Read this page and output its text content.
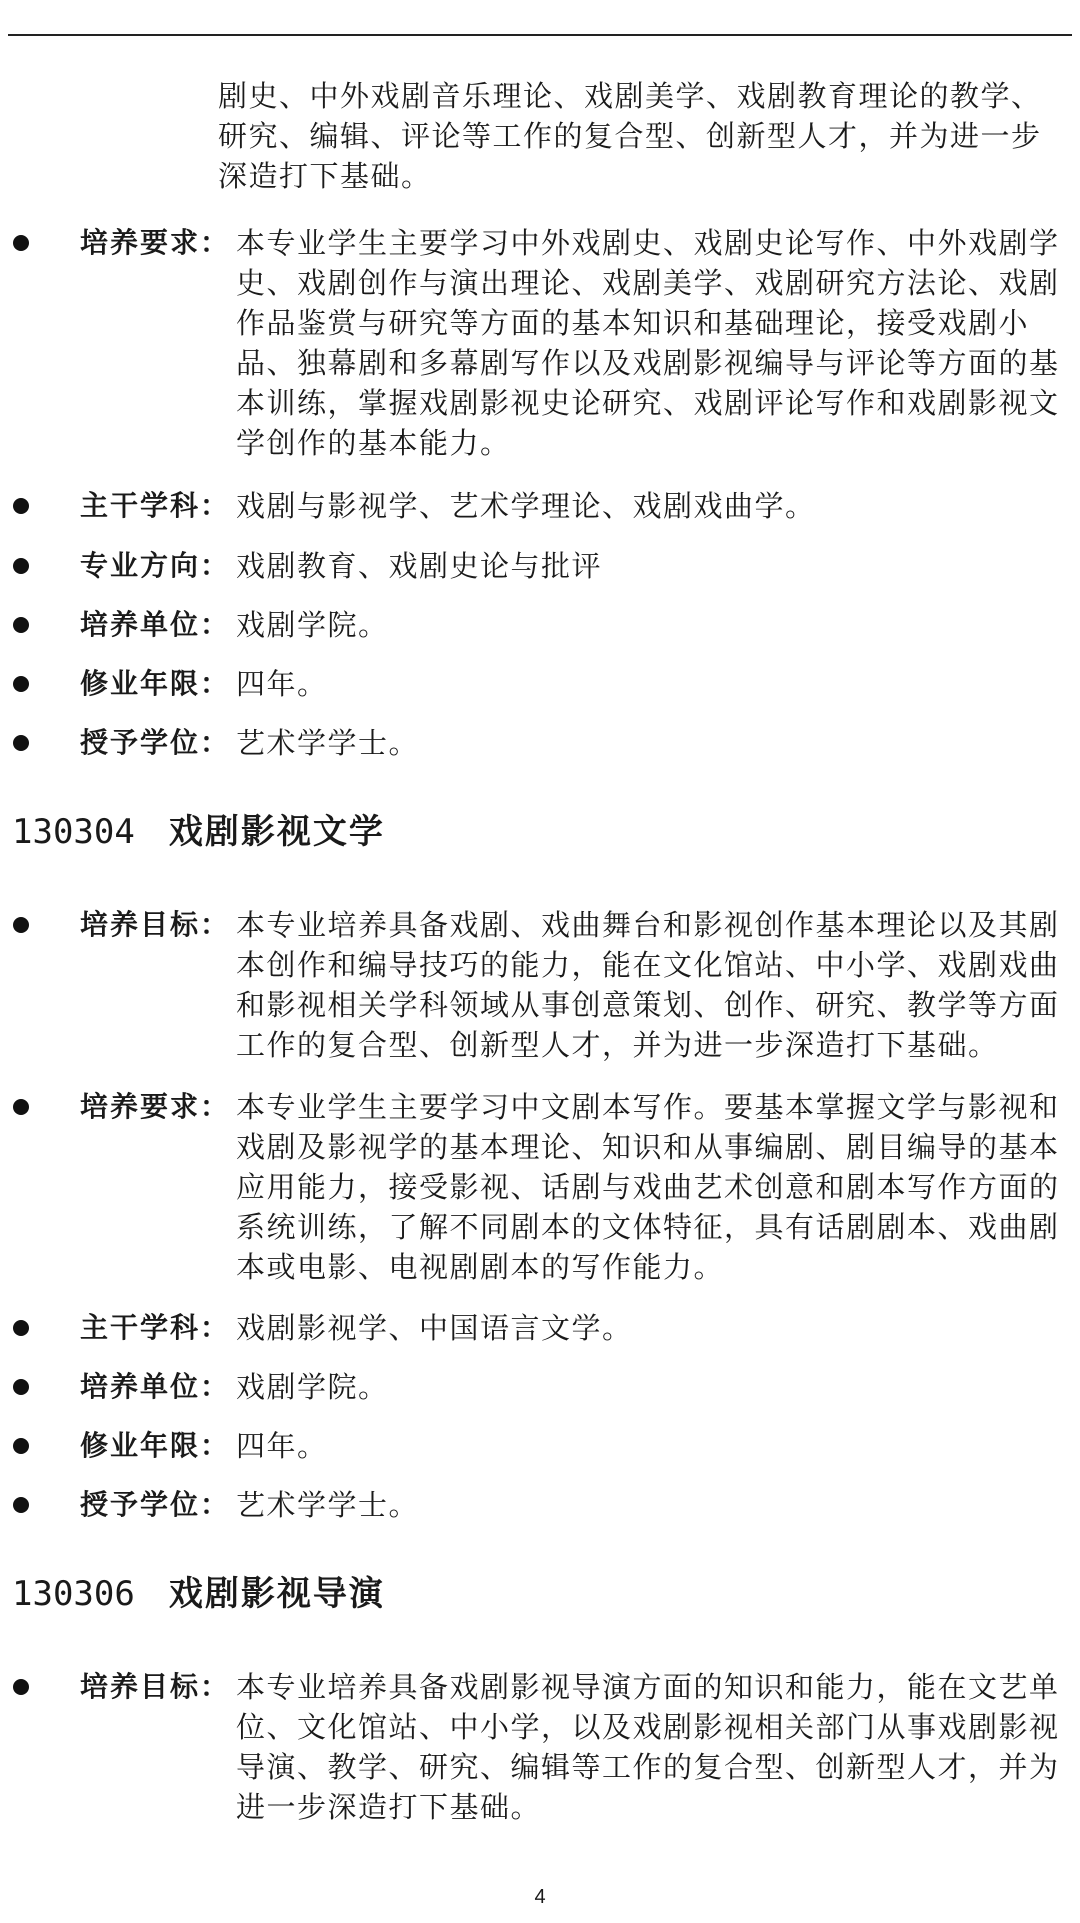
剧史、中外戏剧音乐理论、戏剧美学、戏剧教育理论的教学、研究、编辑、评论等工作的复合型、创新型人才，并为进一步深造打下基础。

培养要求： 本专业学生主要学习中外戏剧史、戏剧史论写作、中外戏剧学史、戏剧创作与演出理论、戏剧美学、戏剧研究方法论、戏剧作品鉴赏与研究等方面的基本知识和基础理论，接受戏剧小品、独幕剧和多幕剧写作以及戏剧影视编导与评论等方面的基本训练，掌握戏剧影视史论研究、戏剧评论写作和戏剧影视文学创作的基本能力。

主干学科： 戏剧与影视学、艺术学理论、戏剧戏曲学。

专业方向： 戏剧教育、戏剧史论与批评

培养单位： 戏剧学院。

修业年限： 四年。

授予学位： 艺术学学士。

130304 戏剧影视文学
培养目标： 本专业培养具备戏剧、戏曲舞台和影视创作基本理论以及其剧本创作和编导技巧的能力，能在文化馆站、中小学、戏剧戏曲和影视相关学科领域从事创意策划、创作、研究、教学等方面工作的复合型、创新型人才，并为进一步深造打下基础。

培养要求： 本专业学生主要学习中文剧本写作。要基本掌握文学与影视和戏剧及影视学的基本理论、知识和从事编剧、剧目编导的基本应用能力，接受影视、话剧与戏曲艺术创意和剧本写作方面的系统训练，了解不同剧本的文体特征，具有话剧剧本、戏曲剧本或电影、电视剧剧本的写作能力。

主干学科： 戏剧影视学、中国语言文学。

培养单位： 戏剧学院。

修业年限： 四年。

授予学位： 艺术学学士。

130306 戏剧影视导演
培养目标： 本专业培养具备戏剧影视导演方面的知识和能力，能在文艺单位、文化馆站、中小学，以及戏剧影视相关部门从事戏剧影视导演、教学、研究、编辑等工作的复合型、创新型人才，并为进一步深造打下基础。

4
